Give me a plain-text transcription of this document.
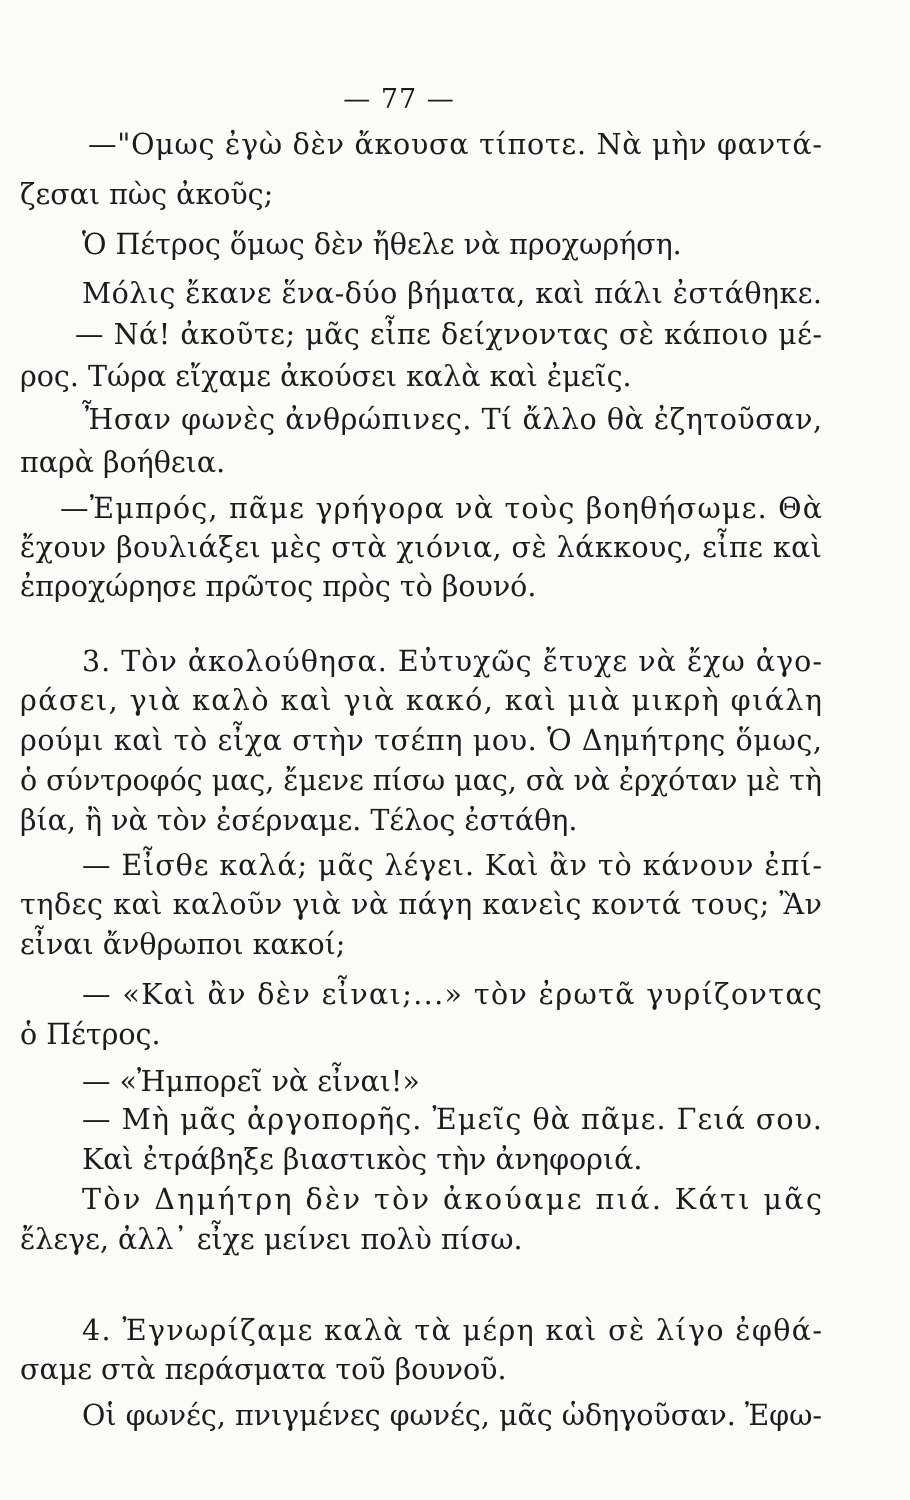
— 77 —
—"Ομως ἐγὼ δὲν ἄκουσα τίποτε. Νὰ μὴν φαντά-
ζεσαι πὼς ἀκοῦς;
Ὁ Πέτρος ὅμως δὲν ἤθελε νὰ προχωρήση.
Μόλις ἔκανε ἕνα-δύο βήματα, καὶ πάλι ἐστάθηκε.
— Νά! ἀκοῦτε; μᾶς εἶπε δείχνοντας σὲ κάποιο μέ-
ρος. Τώρα εἴχαμε ἀκούσει καλὰ καὶ ἐμεῖς.
Ἦσαν φωνὲς ἀνθρώπινες. Τί ἄλλο θὰ ἐζητοῦσαν,
παρὰ βοήθεια.
—Ἐμπρός, πᾶμε γρήγορα νὰ τοὺς βοηθήσωμε. Θὰ
ἔχουν βουλιάξει μὲς στὰ χιόνια, σὲ λάκκους, εἶπε καὶ
ἐπροχώρησε πρῶτος πρὸς τὸ βουνό.
3. Τὸν ἀκολούθησα. Εὐτυχῶς ἔτυχε νὰ ἔχω ἀγο-
ράσει, γιὰ καλὸ καὶ γιὰ κακό, καὶ μιὰ μικρὴ φιάλη
ρούμι καὶ τὸ εἶχα στὴν τσέπη μου. Ὁ Δημήτρης ὅμως,
ὁ σύντροφός μας, ἔμενε πίσω μας, σὰ νὰ ἐρχόταν μὲ τὴ
βία, ἢ νὰ τὸν ἐσέρναμε. Τέλος ἐστάθη.
— Εἶσθε καλά; μᾶς λέγει. Καὶ ἂν τὸ κάνουν ἐπί-
τηδες καὶ καλοῦν γιὰ νὰ πάγη κανεὶς κοντά τους; Ἂν
εἶναι ἄνθρωποι κακοί;
— «Καὶ ἂν δὲν εἶναι;...» τὸν ἐρωτᾶ γυρίζοντας
ὁ Πέτρος.
— «Ἠμπορεῖ νὰ εἶναι!»
— Μὴ μᾶς ἀργοπορῆς. Ἐμεῖς θὰ πᾶμε. Γειά σου.
Καὶ ἐτράβηξε βιαστικὸς τὴν ἀνηφοριά.
Τὸν Δημήτρη δὲν τὸν ἀκούαμε πιά. Κάτι μᾶς
ἔλεγε, ἀλλ᾽ εἶχε μείνει πολὺ πίσω.
4. Ἐγνωρίζαμε καλὰ τὰ μέρη καὶ σὲ λίγο ἐφθά-
σαμε στὰ περάσματα τοῦ βουνοῦ.
Οἱ φωνές, πνιγμένες φωνές, μᾶς ὡδηγοῦσαν. Ἐφω-
